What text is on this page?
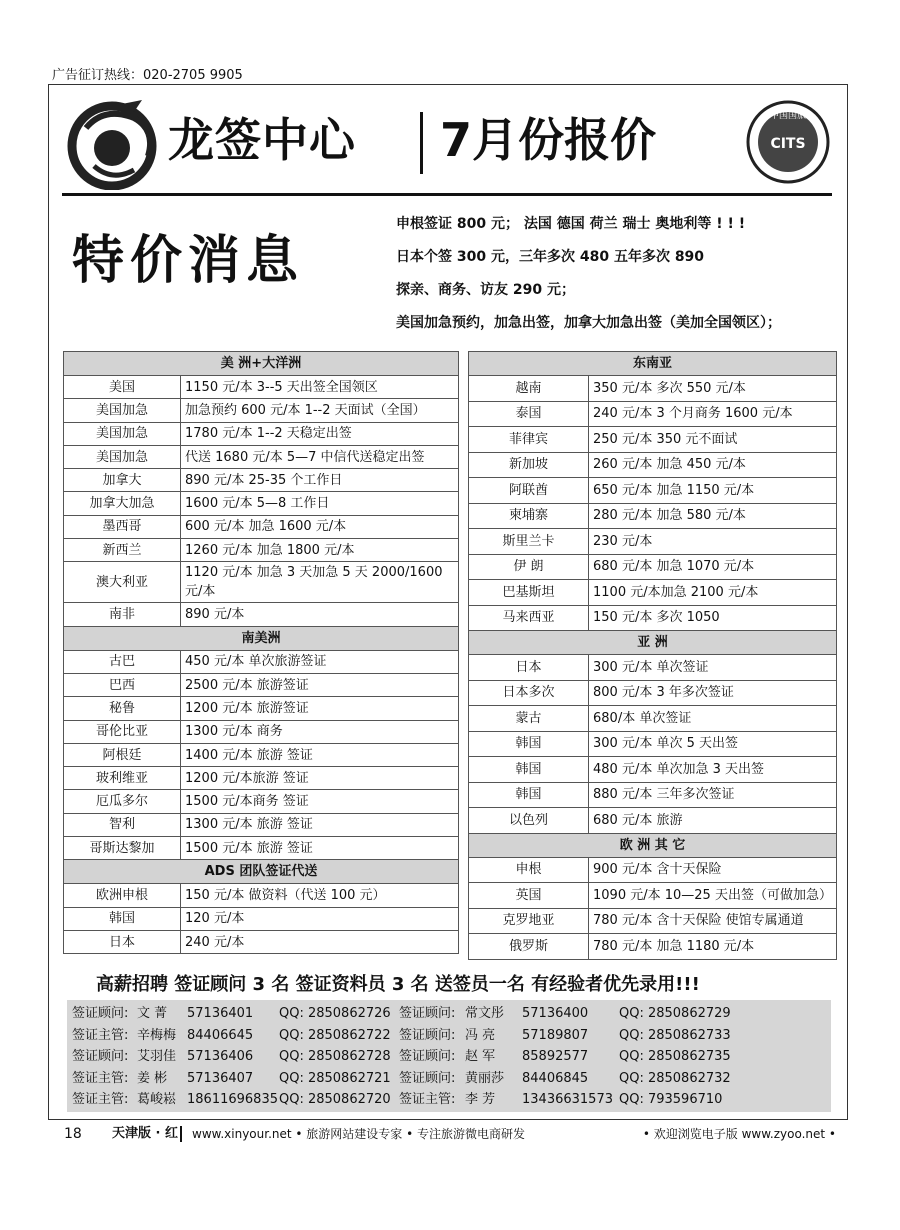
广告征订热线：020-2705 9905
龙签中心 7月份报价	中国国旅
CITS
特价消息
申根签证 800 元； 法国 德国 荷兰 瑞士 奥地利等 ! ! !
日本个签 300 元，三年多次 480 五年多次 890
探亲、商务、访友 290 元；
美国加急预约，加急出签，加拿大加急出签（美加全国领区）；
美 洲+大洋洲	
美国	1150 元/本 3--5 天出签全国领区
美国加急	加急预约 600 元/本 1--2 天面试（全国）
美国加急	1780 元/本 1--2 天稳定出签
美国加急	代送 1680 元/本 5—7 中信代送稳定出签
加拿大	890 元/本 25-35 个工作日
加拿大加急	1600 元/本 5—8 工作日
墨西哥	600 元/本 加急 1600 元/本
新西兰	1260 元/本 加急 1800 元/本
澳大利亚	1120 元/本 加急 3 天加急 5 天 2000/1600 元/本
南非	890 元/本
南美洲	
古巴	450 元/本 单次旅游签证
巴西	2500 元/本 旅游签证
秘鲁	1200 元/本 旅游签证
哥伦比亚	1300 元/本 商务
阿根廷	1400 元/本 旅游 签证
玻利维亚	1200 元/本旅游 签证
厄瓜多尔	1500 元/本商务 签证
智利	1300 元/本 旅游 签证
哥斯达黎加	1500 元/本 旅游 签证
ADS 团队签证代送	
欧洲申根	150 元/本 做资料（代送 100 元）
韩国	120 元/本
日本	240 元/本
东南亚	
越南	350 元/本 多次 550 元/本
泰国	240 元/本 3 个月商务 1600 元/本
菲律宾	250 元/本 350 元不面试
新加坡	260 元/本 加急 450 元/本
阿联酋	650 元/本 加急 1150 元/本
柬埔寨	280 元/本 加急 580 元/本
斯里兰卡	230 元/本
伊 朗	680 元/本 加急 1070 元/本
巴基斯坦	1100 元/本加急 2100 元/本
马来西亚	150 元/本 多次 1050
亚 洲	
日本	300 元/本 单次签证
日本多次	800 元/本 3 年多次签证
蒙古	680/本 单次签证
韩国	300 元/本 单次 5 天出签
韩国	480 元/本 单次加急 3 天出签
韩国	880 元/本 三年多次签证
以色列	680 元/本 旅游
欧 洲 其 它	
申根	900 元/本 含十天保险
英国	1090 元/本 10—25 天出签（可做加急）
克罗地亚	780 元/本 含十天保险 使馆专属通道
俄罗斯	780 元/本 加急 1180 元/本
高薪招聘 签证顾问 3 名 签证资料员 3 名 送签员一名 有经验者优先录用!!!
签证顾问: 文 菁 57136401 QQ: 2850862726 签证顾问: 常文彤 57136400 QQ: 2850862729
签证主管: 辛梅梅 84406645 QQ: 2850862722 签证顾问: 冯 亮 57189807 QQ: 2850862733
签证顾问: 艾羽佳 57136406 QQ: 2850862728 签证顾问: 赵 军 85892577 QQ: 2850862735
签证主管: 姜 彬 57136407 QQ: 2850862721 签证顾问: 黄丽莎 84406845 QQ: 2850862732
签证主管: 葛峻崧 18611696835 QQ: 2850862720 签证主管: 李 芳 13436631573 QQ: 793596710
18 天津版 · 红 www.xinyour.net • 旅游网站建设专家 • 专注旅游微电商研发	• 欢迎浏览电子版 www.zyoo.net •
